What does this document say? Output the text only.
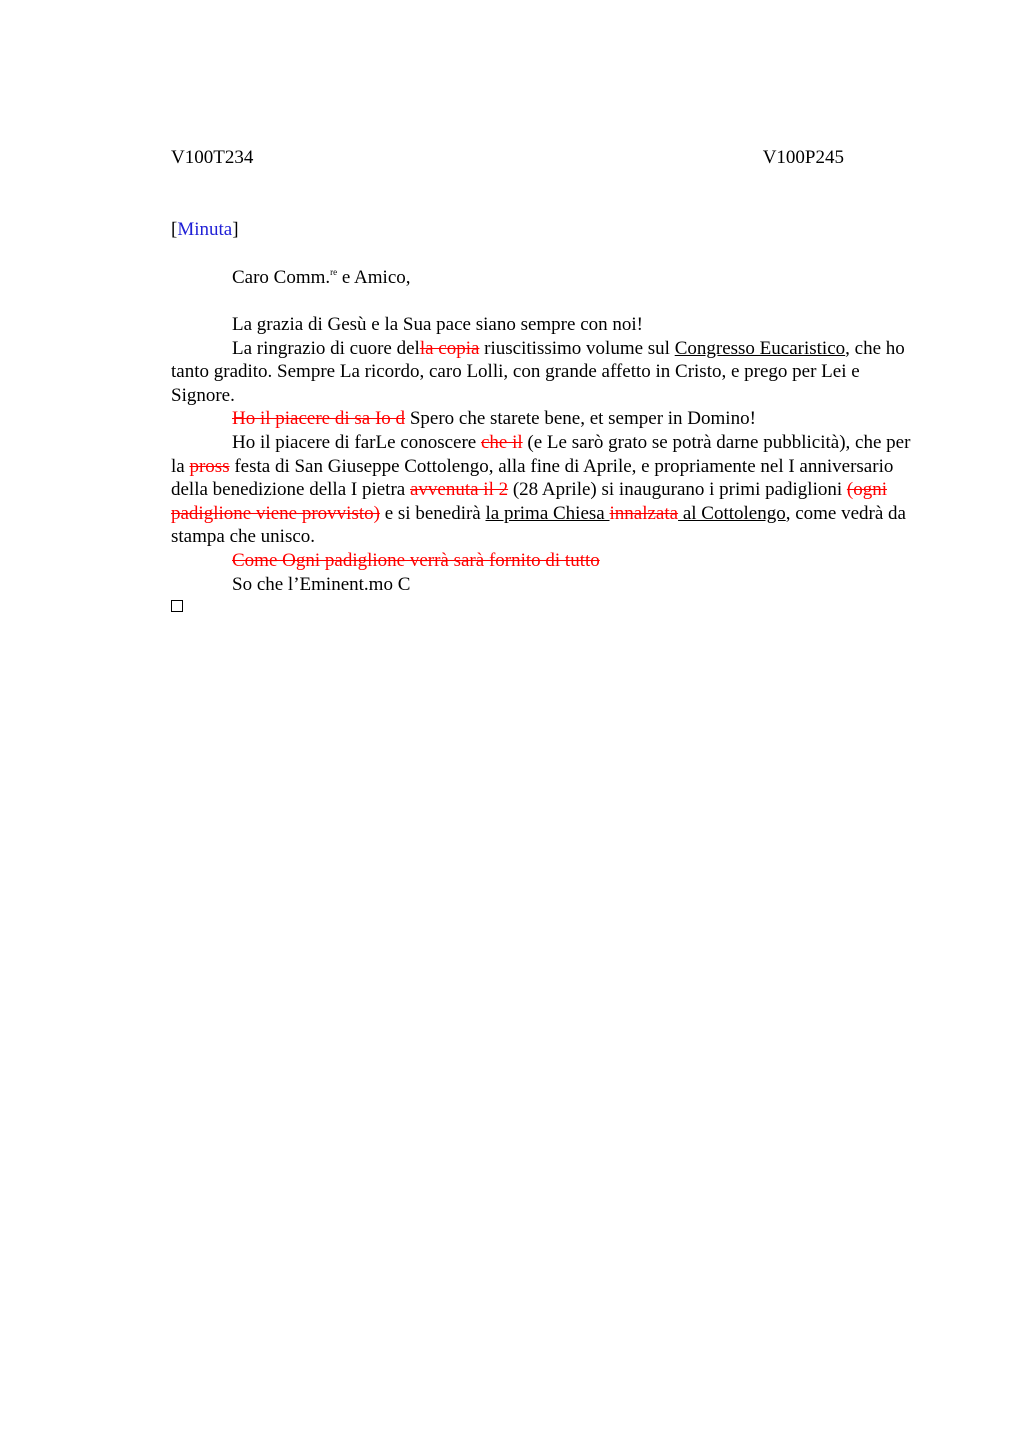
V100T234	V100P245
[Minuta]
Caro Comm.$^{re}$ e Amico,

La grazia di Gesù e la Sua pace siano sempre con noi!

La ringrazio di cuore della copia riuscitissimo volume sul Congresso Eucaristico, che ho tanto gradito. Sempre La ricordo, caro Lolli, con grande affetto in Cristo, e prego per Lei e Signore.

Ho il piacere di sa Io d Spero che starete bene, et semper in Domino!

Ho il piacere di farLe conoscere che il (e Le sarò grato se potrà darne pubblicità), che per la pross festa di San Giuseppe Cottolengo, alla fine di Aprile, e propriamente nel I anniversario della benedizione della I pietra avvenuta il 2 (28 Aprile) si inaugurano i primi padiglioni (ogni padiglione viene provvisto) e si benedirà la prima Chiesa innalzata al Cottolengo, come vedrà da stampa che unisco.

Come Ogni padiglione verrà sarà fornito di tutto

So che l’Eminent.mo C
